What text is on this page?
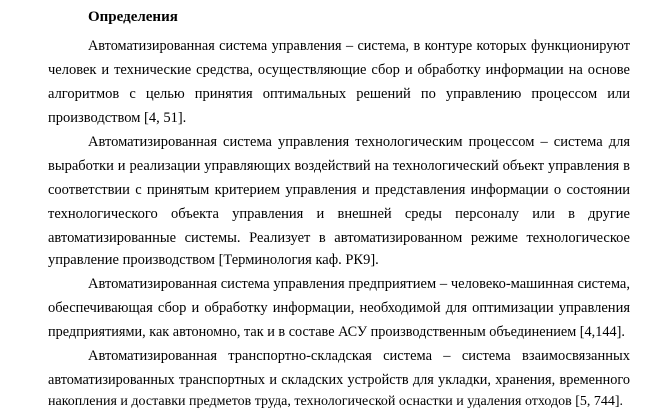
Определения

Автоматизированная система управления – система, в контуре которых функционируют

человек и технические средства, осуществляющие сбор и обработку информации на основе

алгоритмов с целью принятия оптимальных решений по управлению процессом или

производством [4, 51].

Автоматизированная система управления технологическим процессом – система для

выработки и реализации управляющих воздействий на технологический объект управления в

соответствии с принятым критерием управления и представления информации о состоянии

технологического объекта управления и внешней среды персоналу или в другие

автоматизированные системы. Реализует в автоматизированном режиме технологическое

управление производством [Терминология каф. РК9].

Автоматизированная система управления предприятием – человеко-машинная система,

обеспечивающая сбор и обработку информации, необходимой для оптимизации управления

предприятиями, как автономно, так и в составе АСУ производственным объединением [4,144].

Автоматизированная транспортно-складская система – система взаимосвязанных

автоматизированных транспортных и складских устройств для укладки, хранения, временного

накопления и доставки предметов труда, технологической оснастки и удаления отходов [5, 744].
